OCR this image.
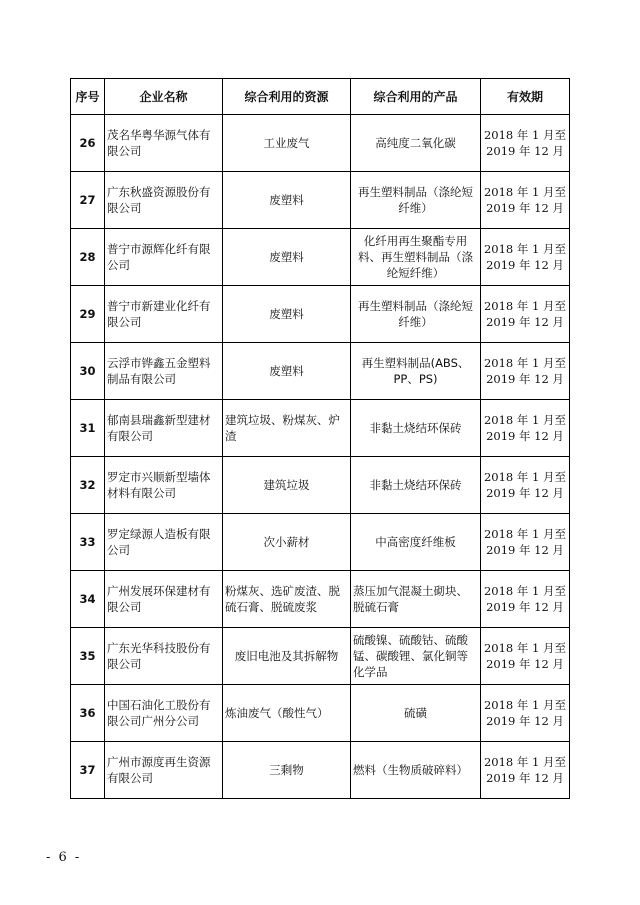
序号	企业名称	综合利用的资源	综合利用的产品	有效期
26	茂名华粤华源气体有限公司	工业废气	高纯度二氧化碳	2018 年 1 月至 2019 年 12 月
27	广东秋盛资源股份有限公司	废塑料	再生塑料制品（涤纶短纤维）	2018 年 1 月至 2019 年 12 月
28	普宁市源辉化纤有限公司	废塑料	化纤用再生聚酯专用料、再生塑料制品（涤纶短纤维）	2018 年 1 月至 2019 年 12 月
29	普宁市新建业化纤有限公司	废塑料	再生塑料制品（涤纶短纤维）	2018 年 1 月至 2019 年 12 月
30	云浮市铧鑫五金塑料制品有限公司	废塑料	再生塑料制品(ABS、PP、PS)	2018 年 1 月至 2019 年 12 月
31	郁南县瑞鑫新型建材有限公司	建筑垃圾、粉煤灰、炉渣	非黏土烧结环保砖	2018 年 1 月至 2019 年 12 月
32	罗定市兴顺新型墙体材料有限公司	建筑垃圾	非黏土烧结环保砖	2018 年 1 月至 2019 年 12 月
33	罗定绿源人造板有限公司	次小薪材	中高密度纤维板	2018 年 1 月至 2019 年 12 月
34	广州发展环保建材有限公司	粉煤灰、选矿废渣、脱硫石膏、脱硫废浆	蒸压加气混凝土砌块、脱硫石膏	2018 年 1 月至 2019 年 12 月
35	广东光华科技股份有限公司	废旧电池及其拆解物	硫酸镍、硫酸钴、硫酸锰、碳酸锂、氯化铜等化学品	2018 年 1 月至 2019 年 12 月
36	中国石油化工股份有限公司广州分公司	炼油废气（酸性气）	硫磺	2018 年 1 月至 2019 年 12 月
37	广州市源度再生资源有限公司	三剩物	燃料（生物质破碎料）	2018 年 1 月至 2019 年 12 月
- 6 -
